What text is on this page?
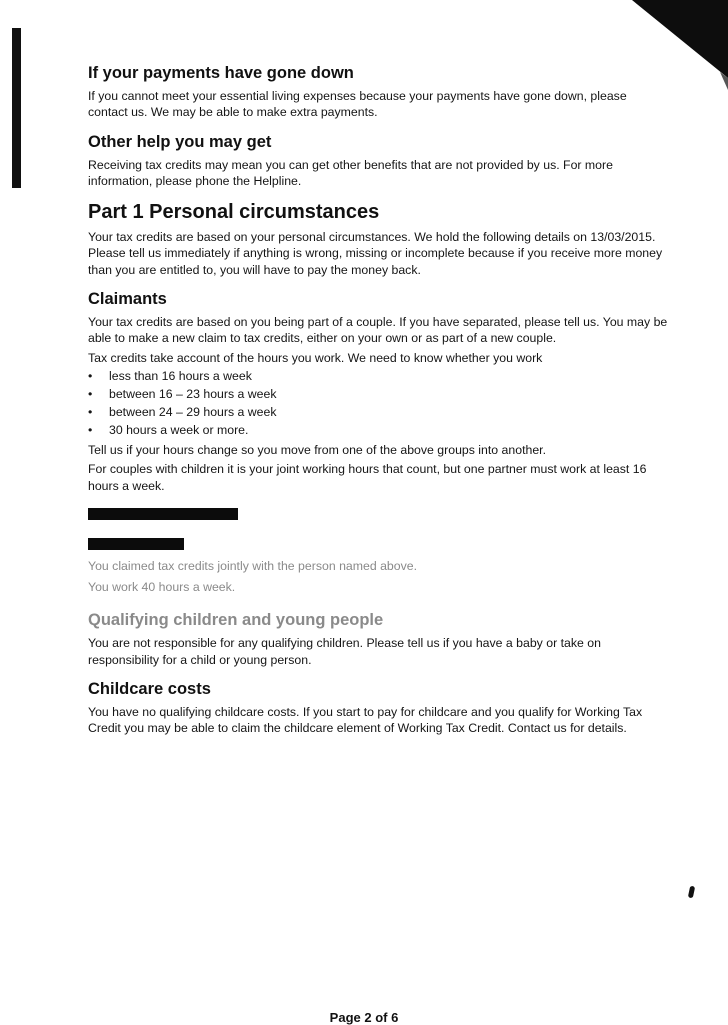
If your payments have gone down

If you cannot meet your essential living expenses because your payments have gone down, please contact us. We may be able to make extra payments.

Other help you may get

Receiving tax credits may mean you can get other benefits that are not provided by us. For more information, please phone the Helpline.

Part 1 Personal circumstances

Your tax credits are based on your personal circumstances. We hold the following details on 13/03/2015. Please tell us immediately if anything is wrong, missing or incomplete because if you receive more money than you are entitled to, you will have to pay the money back.

Claimants

Your tax credits are based on you being part of a couple. If you have separated, please tell us. You may be able to make a new claim to tax credits, either on your own or as part of a new couple.

Tax credits take account of the hours you work. We need to know whether you work

• less than 16 hours a week
• between 16 – 23 hours a week
• between 24 – 29 hours a week
• 30 hours a week or more.

Tell us if your hours change so you move from one of the above groups into another.

For couples with children it is your joint working hours that count, but one partner must work at least 16 hours a week.

You claimed tax credits jointly with the person named above.

You work 40 hours a week.

Qualifying children and young people

You are not responsible for any qualifying children. Please tell us if you have a baby or take on responsibility for a child or young person.

Childcare costs

You have no qualifying childcare costs. If you start to pay for childcare and you qualify for Working Tax Credit you may be able to claim the childcare element of Working Tax Credit. Contact us for details.

Page 2 of 6
